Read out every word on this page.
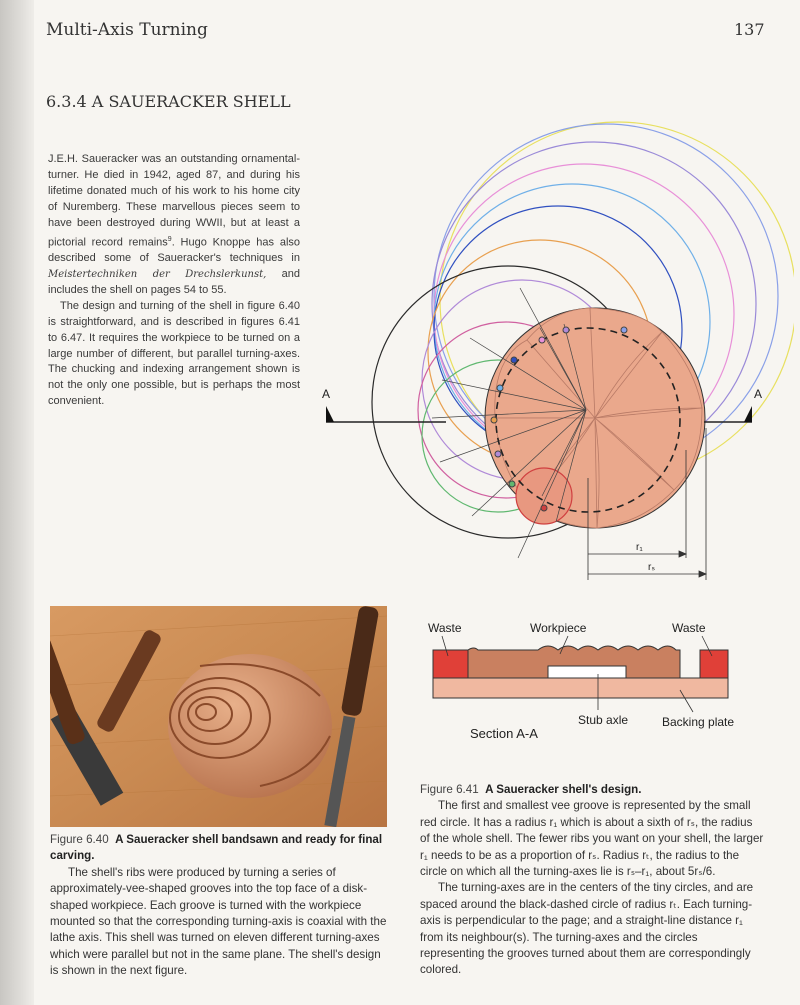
Multi-Axis Turning	137
6.3.4 A SAUERACKER SHELL

J.E.H. Saueracker was an outstanding ornamental-turner. He died in 1942, aged 87, and during his lifetime donated much of his work to his home city of Nuremberg. These marvellous pieces seem to have been destroyed during WWII, but at least a pictorial record remains$^9$. Hugo Knoppe has also described some of Saueracker's techniques in Meistertechniken der Drechslerkunst, and includes the shell on pages 54 to 55.

The design and turning of the shell in figure 6.40 is straightforward, and is described in figures 6.41 to 6.47. It requires the workpiece to be turned on a large number of different, but parallel turning-axes. The chucking and indexing arrangement shown is not the only one possible, but is perhaps the most convenient.

A	A
r₁
rₛ
Waste	Workpiece	Waste
Stub axle	Backing plate
Section A-A

Figure 6.40 A Saueracker shell bandsawn and ready for final carving.

The shell's ribs were produced by turning a series of approximately-vee-shaped grooves into the top face of a disk-shaped workpiece. Each groove is turned with the workpiece mounted so that the corresponding turning-axis is coaxial with the lathe axis. This shell was turned on eleven different turning-axes which were parallel but not in the same plane. The shell's design is shown in the next figure.

Figure 6.41 A Saueracker shell's design.

The first and smallest vee groove is represented by the small red circle. It has a radius r₁ which is about a sixth of rₛ, the radius of the whole shell. The fewer ribs you want on your shell, the larger r₁ needs to be as a proportion of rₛ. Radius rₜ, the radius to the circle on which all the turning-axes lie is rₛ–r₁, about 5rₛ/6.

The turning-axes are in the centers of the tiny circles, and are spaced around the black-dashed circle of radius rₜ. Each turning-axis is perpendicular to the page; and a straight-line distance r₁ from its neighbour(s). The turning-axes and the circles representing the grooves turned about them are correspondingly colored.
